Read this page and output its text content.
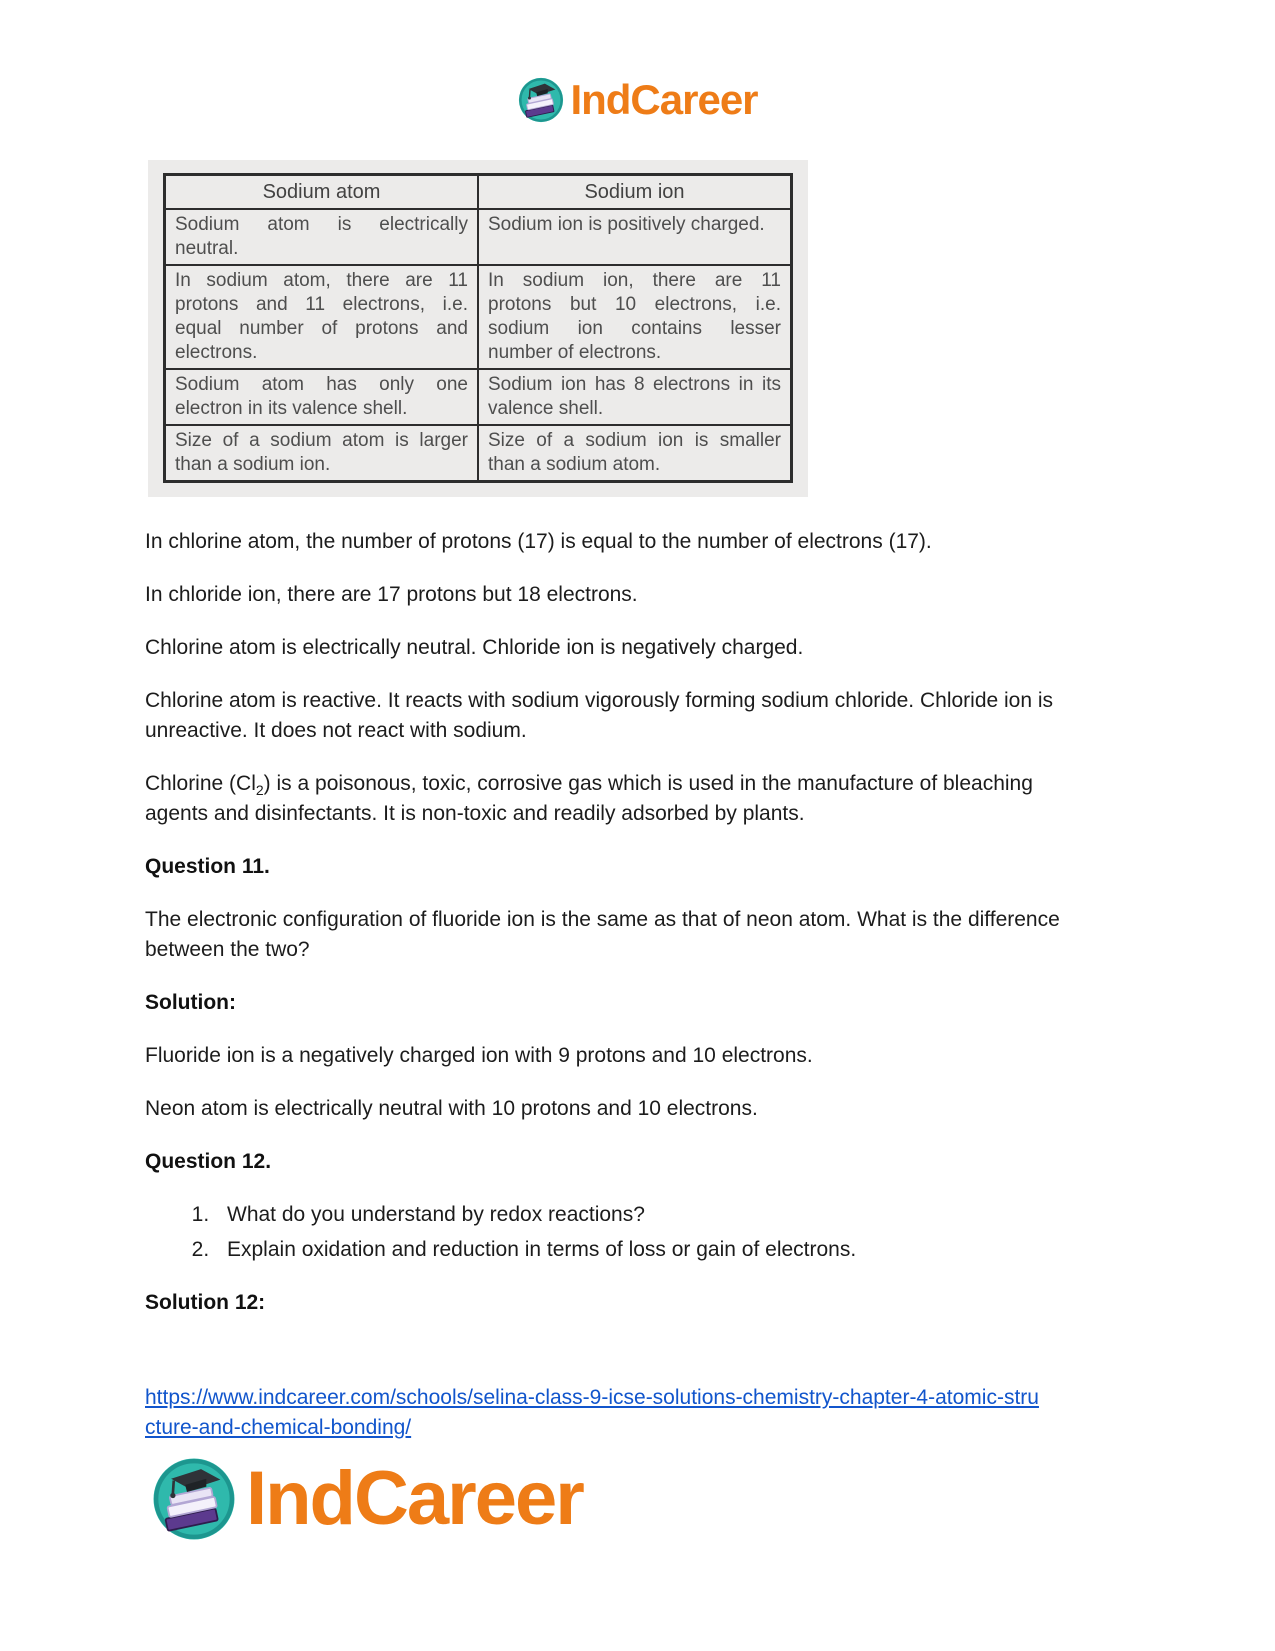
IndCareer
Sodium atom	Sodium ion
Sodium atom is electrically neutral.	Sodium ion is positively charged.
In sodium atom, there are 11 protons and 11 electrons, i.e. equal number of protons and electrons.	In sodium ion, there are 11 protons but 10 electrons, i.e. sodium ion contains lesser number of electrons.
Sodium atom has only one electron in its valence shell.	Sodium ion has 8 electrons in its valence shell.
Size of a sodium atom is larger than a sodium ion.	Size of a sodium ion is smaller than a sodium atom.

In chlorine atom, the number of protons (17) is equal to the number of electrons (17).

In chloride ion, there are 17 protons but 18 electrons.

Chlorine atom is electrically neutral. Chloride ion is negatively charged.

Chlorine atom is reactive. It reacts with sodium vigorously forming sodium chloride. Chloride ion is unreactive. It does not react with sodium.

Chlorine $(Cl_2)$ is a poisonous, toxic, corrosive gas which is used in the manufacture of bleaching agents and disinfectants. It is non-toxic and readily adsorbed by plants.

Question 11.

The electronic configuration of fluoride ion is the same as that of neon atom. What is the difference between the two?

Solution:

Fluoride ion is a negatively charged ion with 9 protons and 10 electrons.

Neon atom is electrically neutral with 10 protons and 10 electrons.

Question 12.
1. What do you understand by redox reactions?
2. Explain oxidation and reduction in terms of loss or gain of electrons.
Solution 12:
https://www.indcareer.com/schools/selina-class-9-icse-solutions-chemistry-chapter-4-atomic-stru
cture-and-chemical-bonding/
IndCareer
